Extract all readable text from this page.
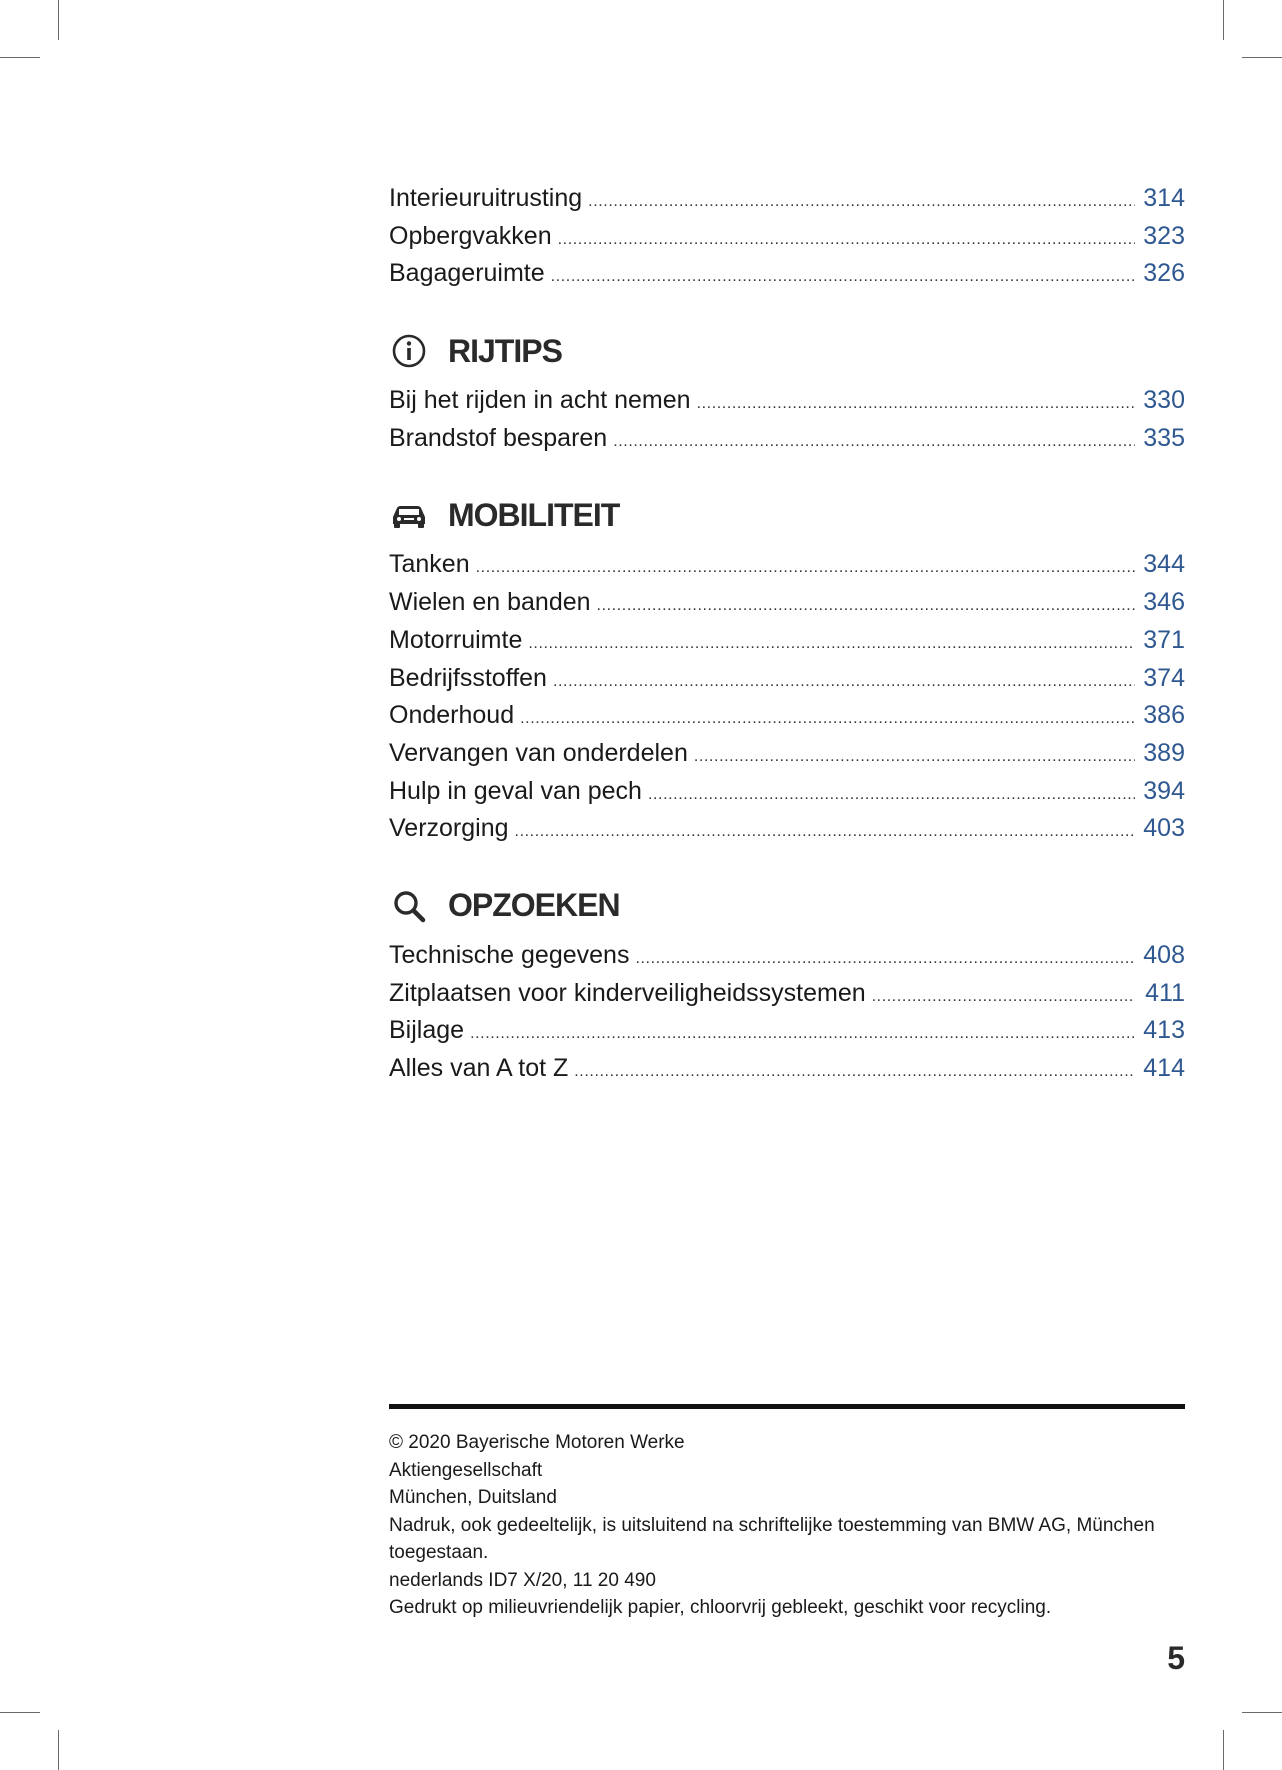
Interieuruitrusting .....	314
Opbergvakken .....	323
Bagageruimte .....	326
RIJTIPS
Bij het rijden in acht nemen .....	330
Brandstof besparen .....	335
MOBILITEIT
Tanken .....	344
Wielen en banden .....	346
Motorruimte .....	371
Bedrijfsstoffen .....	374
Onderhoud .....	386
Vervangen van onderdelen .....	389
Hulp in geval van pech .....	394
Verzorging .....	403
OPZOEKEN
Technische gegevens .....	408
Zitplaatsen voor kinderveiligheidssystemen .....	411
Bijlage .....	413
Alles van A tot Z .....	414
© 2020 Bayerische Motoren Werke
Aktiengesellschaft
München, Duitsland
Nadruk, ook gedeeltelijk, is uitsluitend na schriftelijke toestemming van BMW AG, München
toegestaan.
nederlands ID7 X/20, 11 20 490
Gedrukt op milieuvriendelijk papier, chloorvrij gebleekt, geschikt voor recycling.
5
